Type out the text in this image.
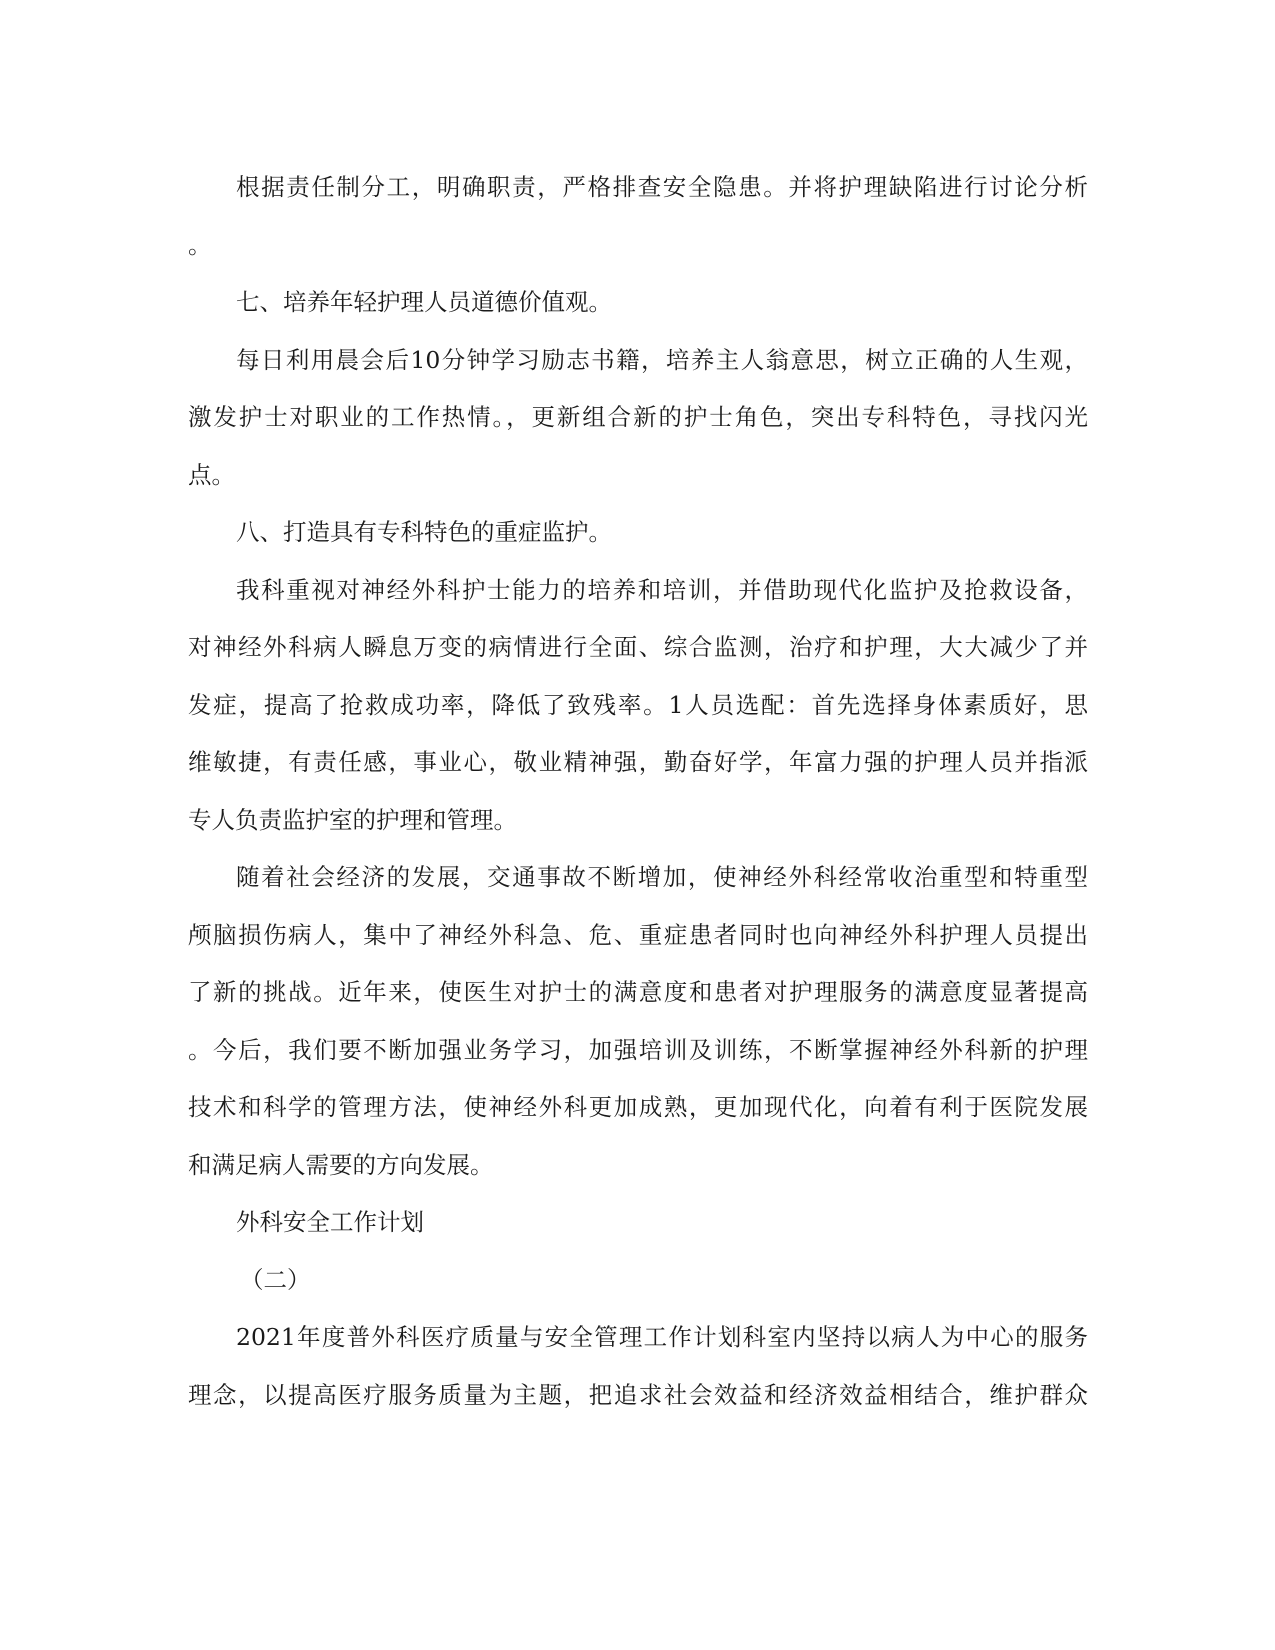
根据责任制分工，明确职责，严格排查安全隐患。并将护理缺陷进行讨论分析

。

七、培养年轻护理人员道德价值观。

每日利用晨会后10分钟学习励志书籍，培养主人翁意思，树立正确的人生观，

激发护士对职业的工作热情。，更新组合新的护士角色，突出专科特色，寻找闪光

点。

八、打造具有专科特色的重症监护。

我科重视对神经外科护士能力的培养和培训，并借助现代化监护及抢救设备，

对神经外科病人瞬息万变的病情进行全面、综合监测，治疗和护理，大大减少了并

发症，提高了抢救成功率，降低了致残率。1人员选配：首先选择身体素质好，思

维敏捷，有责任感，事业心，敬业精神强，勤奋好学，年富力强的护理人员并指派

专人负责监护室的护理和管理。

随着社会经济的发展，交通事故不断增加，使神经外科经常收治重型和特重型

颅脑损伤病人，集中了神经外科急、危、重症患者同时也向神经外科护理人员提出

了新的挑战。近年来，使医生对护士的满意度和患者对护理服务的满意度显著提高

。今后，我们要不断加强业务学习，加强培训及训练，不断掌握神经外科新的护理

技术和科学的管理方法，使神经外科更加成熟，更加现代化，向着有利于医院发展

和满足病人需要的方向发展。

外科安全工作计划

（二）

2021年度普外科医疗质量与安全管理工作计划科室内坚持以病人为中心的服务

理念，以提高医疗服务质量为主题，把追求社会效益和经济效益相结合，维护群众
